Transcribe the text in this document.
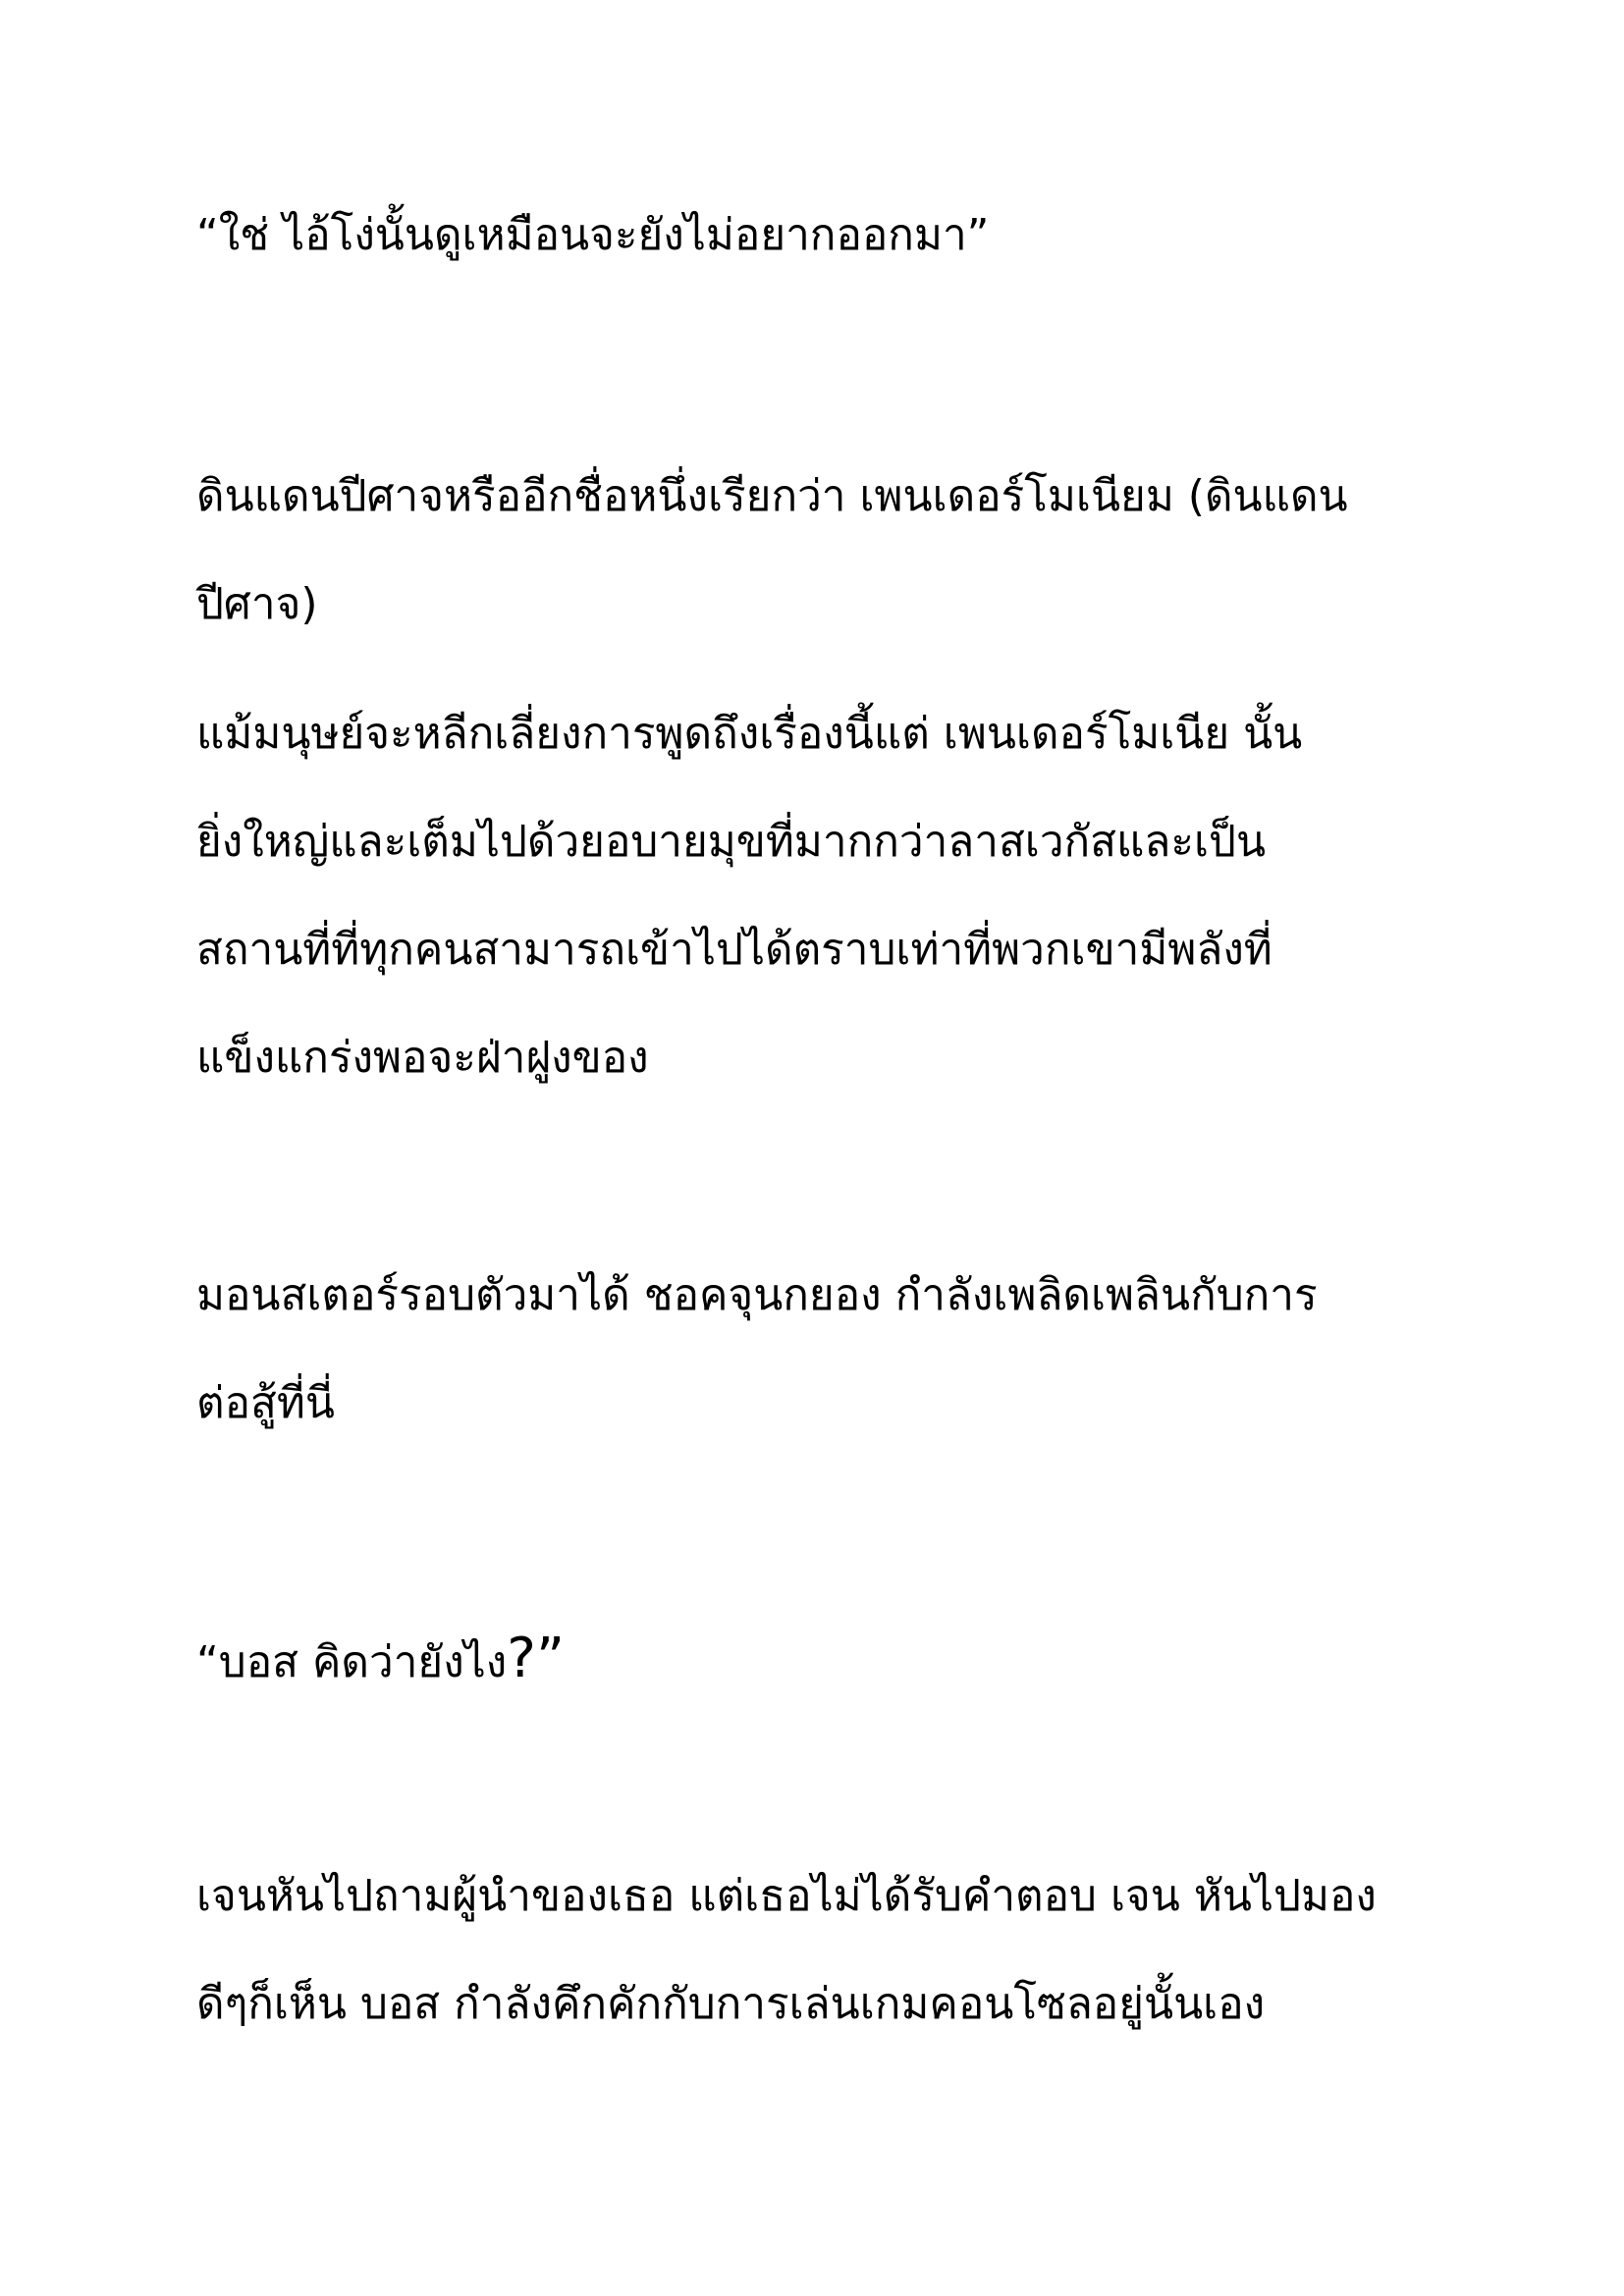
“ใช่ ไอ้โง่นั้นดูเหมือนจะยังไม่อยากออกมา”
ดินแดนปีศาจหรืออีกชื่อหนึ่งเรียกว่า เพนเดอร์โมเนียม (ดินแดน
ปีศาจ)
แม้มนุษย์จะหลีกเลี่ยงการพูดถึงเรื่องนี้แต่ เพนเดอร์โมเนีย นั้น
ยิ่งใหญ่และเต็มไปด้วยอบายมุขที่มากกว่าลาสเวกัสและเป็น
สถานที่ที่ทุกคนสามารถเข้าไปได้ตราบเท่าที่พวกเขามีพลังที่
แข็งแกร่งพอจะฝ่าฝูงของ
มอนสเตอร์รอบตัวมาได้ ชอคจุนกยอง กำลังเพลิดเพลินกับการ
ต่อสู้ที่นี่
“บอส คิดว่ายังไง?”
เจนหันไปถามผู้นำของเธอ แต่เธอไม่ได้รับคำตอบ เจน หันไปมอง
ดีๆก็เห็น บอส กำลังคึกคักกับการเล่นเกมคอนโซลอยู่นั้นเอง
